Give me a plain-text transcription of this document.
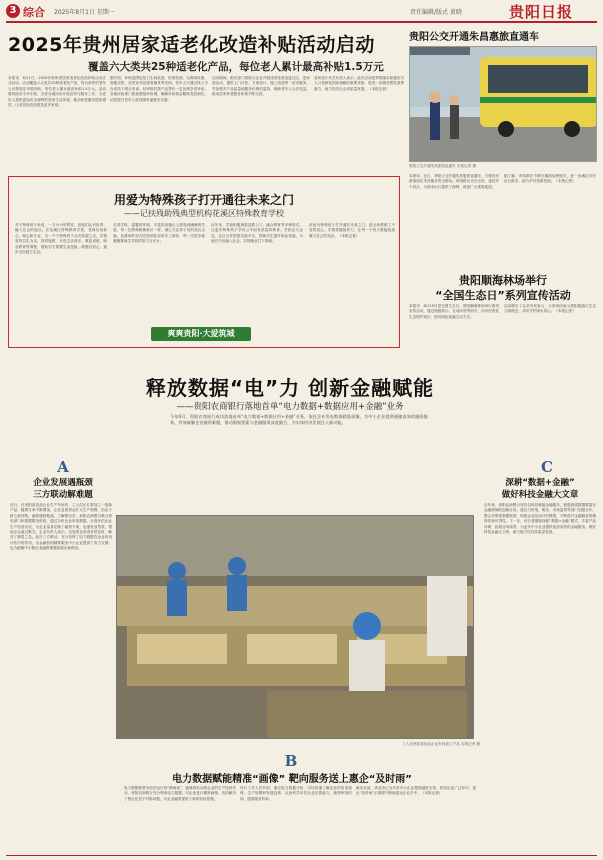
3 综合 2025年8月1日 星期一	责任编辑/版式 黄晓	贵阳日报
2025年贵州居家适老化改造补贴活动启动
覆盖六大类共25种适老化产品，每位老人累计最高补贴1.5万元

本报讯　8月1日，2025年贵州省居家适老化改造补贴活动正式启动。活动覆盖六大类共25种适老化产品，符合条件的老年人可按规定申领补贴，每位老人累计最高补贴1.5万元。活动将持续至今年年底，全省各地同步开展宣传与服务工作，为老年人提供更加安全便利的居家生活环境，推动养老服务提质增效，让适老化改造惠及更多家庭。

据介绍，补贴范围包括卫生间改造、防滑处理、无障碍设施、智能安防、适老家具及康复辅具等类别。老年人可通过线上平台或线下网点申请，经审核后按产品售价一定比例享受补贴。各地民政部门将加强组织协调，确保补贴资金精准发放到位，切实提升老年人获得感幸福感安全感。

活动期间，相关部门将联合企业开展适老化改造进社区、进家庭活动，提供上门评估、方案设计、施工改造等一站式服务，并加强对产品质量和服务价格的监管，保障老年人合法权益，推动居家养老服务体系不断完善。

省民政厅有关负责人表示，此次活动是贯彻落实积极应对人口老龄化国家战略的重要举措，将进一步激发银发消费潜力，助力经济社会高质量发展。（本报记者）

贵阳公交开通朱昌惠旅直通车
贵阳公交开通朱昌惠旅直通车 本报记者 摄
用爱为特殊孩子打开通往未来之门
——记扶残助残典型机构花溪区特殊教育学校

对于特殊孩子来说，一方小小的教室，是他们认识世界、融入社会的起点。在花溪区特殊教育学校，老师们用爱心、耐心和专业，为一个个特殊孩子点亮希望之光。学校坚持以生为本，因材施教，开设生活适应、康复训练、职业教育等课程，帮助学生掌握生活技能，增强自信心，逐步走向独立生活。

走进学校，温馨的环境、丰富的设施让人感受到满满的关爱。每一位教师都像家长一样，细心关注孩子们的成长点滴。从简单的穿衣吃饭到复杂的手工制作，每一次进步都凝聚着师生共同的努力与汗水。

近年来，学校积极探索送教上门、融合教育等多种形式，让更多特殊孩子享有公平而有质量的教育。学校还与企业、社区合作搭建实践平台，帮助学生提升职业技能，为他们今后融入社会、实现就业打下基础。

用爱为特殊孩子打开通往未来之门，是全体教职工不变的初心。学校将继续努力，让每一个孩子都能绽放属于自己的光彩。（本报记者）

爽爽贵阳·大爱筑城

本报讯　近日，贵阳公交开通朱昌惠旅直通车，方便市民游客前往朱昌镇各景点游玩。该线路从市区出发，途经多个站点，为周末出行提供了便利，深受广大乘客欢迎。

据了解，该线路在节假日期间加密班次，进一步满足市民出行需求，助力乡村旅游发展。（本报记者）

贵阳顺海林场举行
“全国生态日”系列宣传活动

本报讯　8月15日是全国生态日，贵阳顺海林场举行系列宣传活动，通过展板展示、互动问答等形式，向市民普及生态保护知识，倡导绿色低碳生活方式。

活动吸引了众多市民参与，大家纷纷表示将积极践行生态文明理念，共同守护绿水青山。（本报记者）

释放数据“电”力 创新金融赋能
——贵阳农商银行落地首单“电力数据+数据应用+金融”业务

今年6月，贵阳农商银行成功落地首单“电力数据+数据应用+金融”业务，依托企业用电数据精准画像，为中小企业提供便捷高效的融资服务，有效破解企业融资难题，推动数据要素与金融服务深度融合，为实体经济发展注入新动能。

A
企业发展遇瓶颈
三方联动解难题

近日，在贵阳某食品企业生产车间内，工人们正忙着加工一批新产品。随着订单不断增加，企业急需资金扩大生产规模，但由于缺乏抵押物，融资遇到瓶颈。了解情况后，贵阳农商银行联合供电部门和数据服务机构，通过分析企业用电数据，全面评估企业生产经营状况，为企业量身定制了融资方案，迅速发放贷款，帮助企业渡过难关。企业负责人表示，这笔资金来得非常及时，解决了燃眉之急。此次三方联动，充分发挥了电力数据在企业信用评估中的作用，为金融机构精准服务中小企业提供了有力支撑，也为破解中小微企业融资难题探索出新路径。

C
深耕“数据+金融”
做好科技金融大文章

近年来，贵阳农商银行坚持以科技赋能金融服务，积极探索数据要素在金融领域的创新应用。通过与供电、税务、市场监管等部门加强合作，整合多维度数据资源，构建企业信用评价模型，不断提升金融服务的精准性和可得性。下一步，该行将继续深耕“数据+金融”模式，丰富产品体系，拓展应用场景，为更多中小企业提供优质高效的金融服务，做好科技金融大文章，助力地方经济高质量发展。

工人在贵阳某食品企业车间加工产品 本报记者 摄
B
电力数据赋能精准“画像” 靶向服务送上惠企“及时雨”

电力数据被誉为经济运行的“晴雨表”，能够真实反映企业的生产经营状况。贵阳农商银行充分利用电力数据，对企业进行精准画像，有效解决了银企信息不对称问题，为企业融资提供了新的信用依据。

该行工作人员介绍，通过电力数据分析，可以快速了解企业的用电规律、生产规模和发展趋势，从而科学评估企业还款能力，缩短审批时间，提高服务效率。

截至目前，该业务已为多家中小企业提供融资支持，获得企业广泛好评，惠企“及时雨”正源源不断地送达企业手中。（本报记者）
